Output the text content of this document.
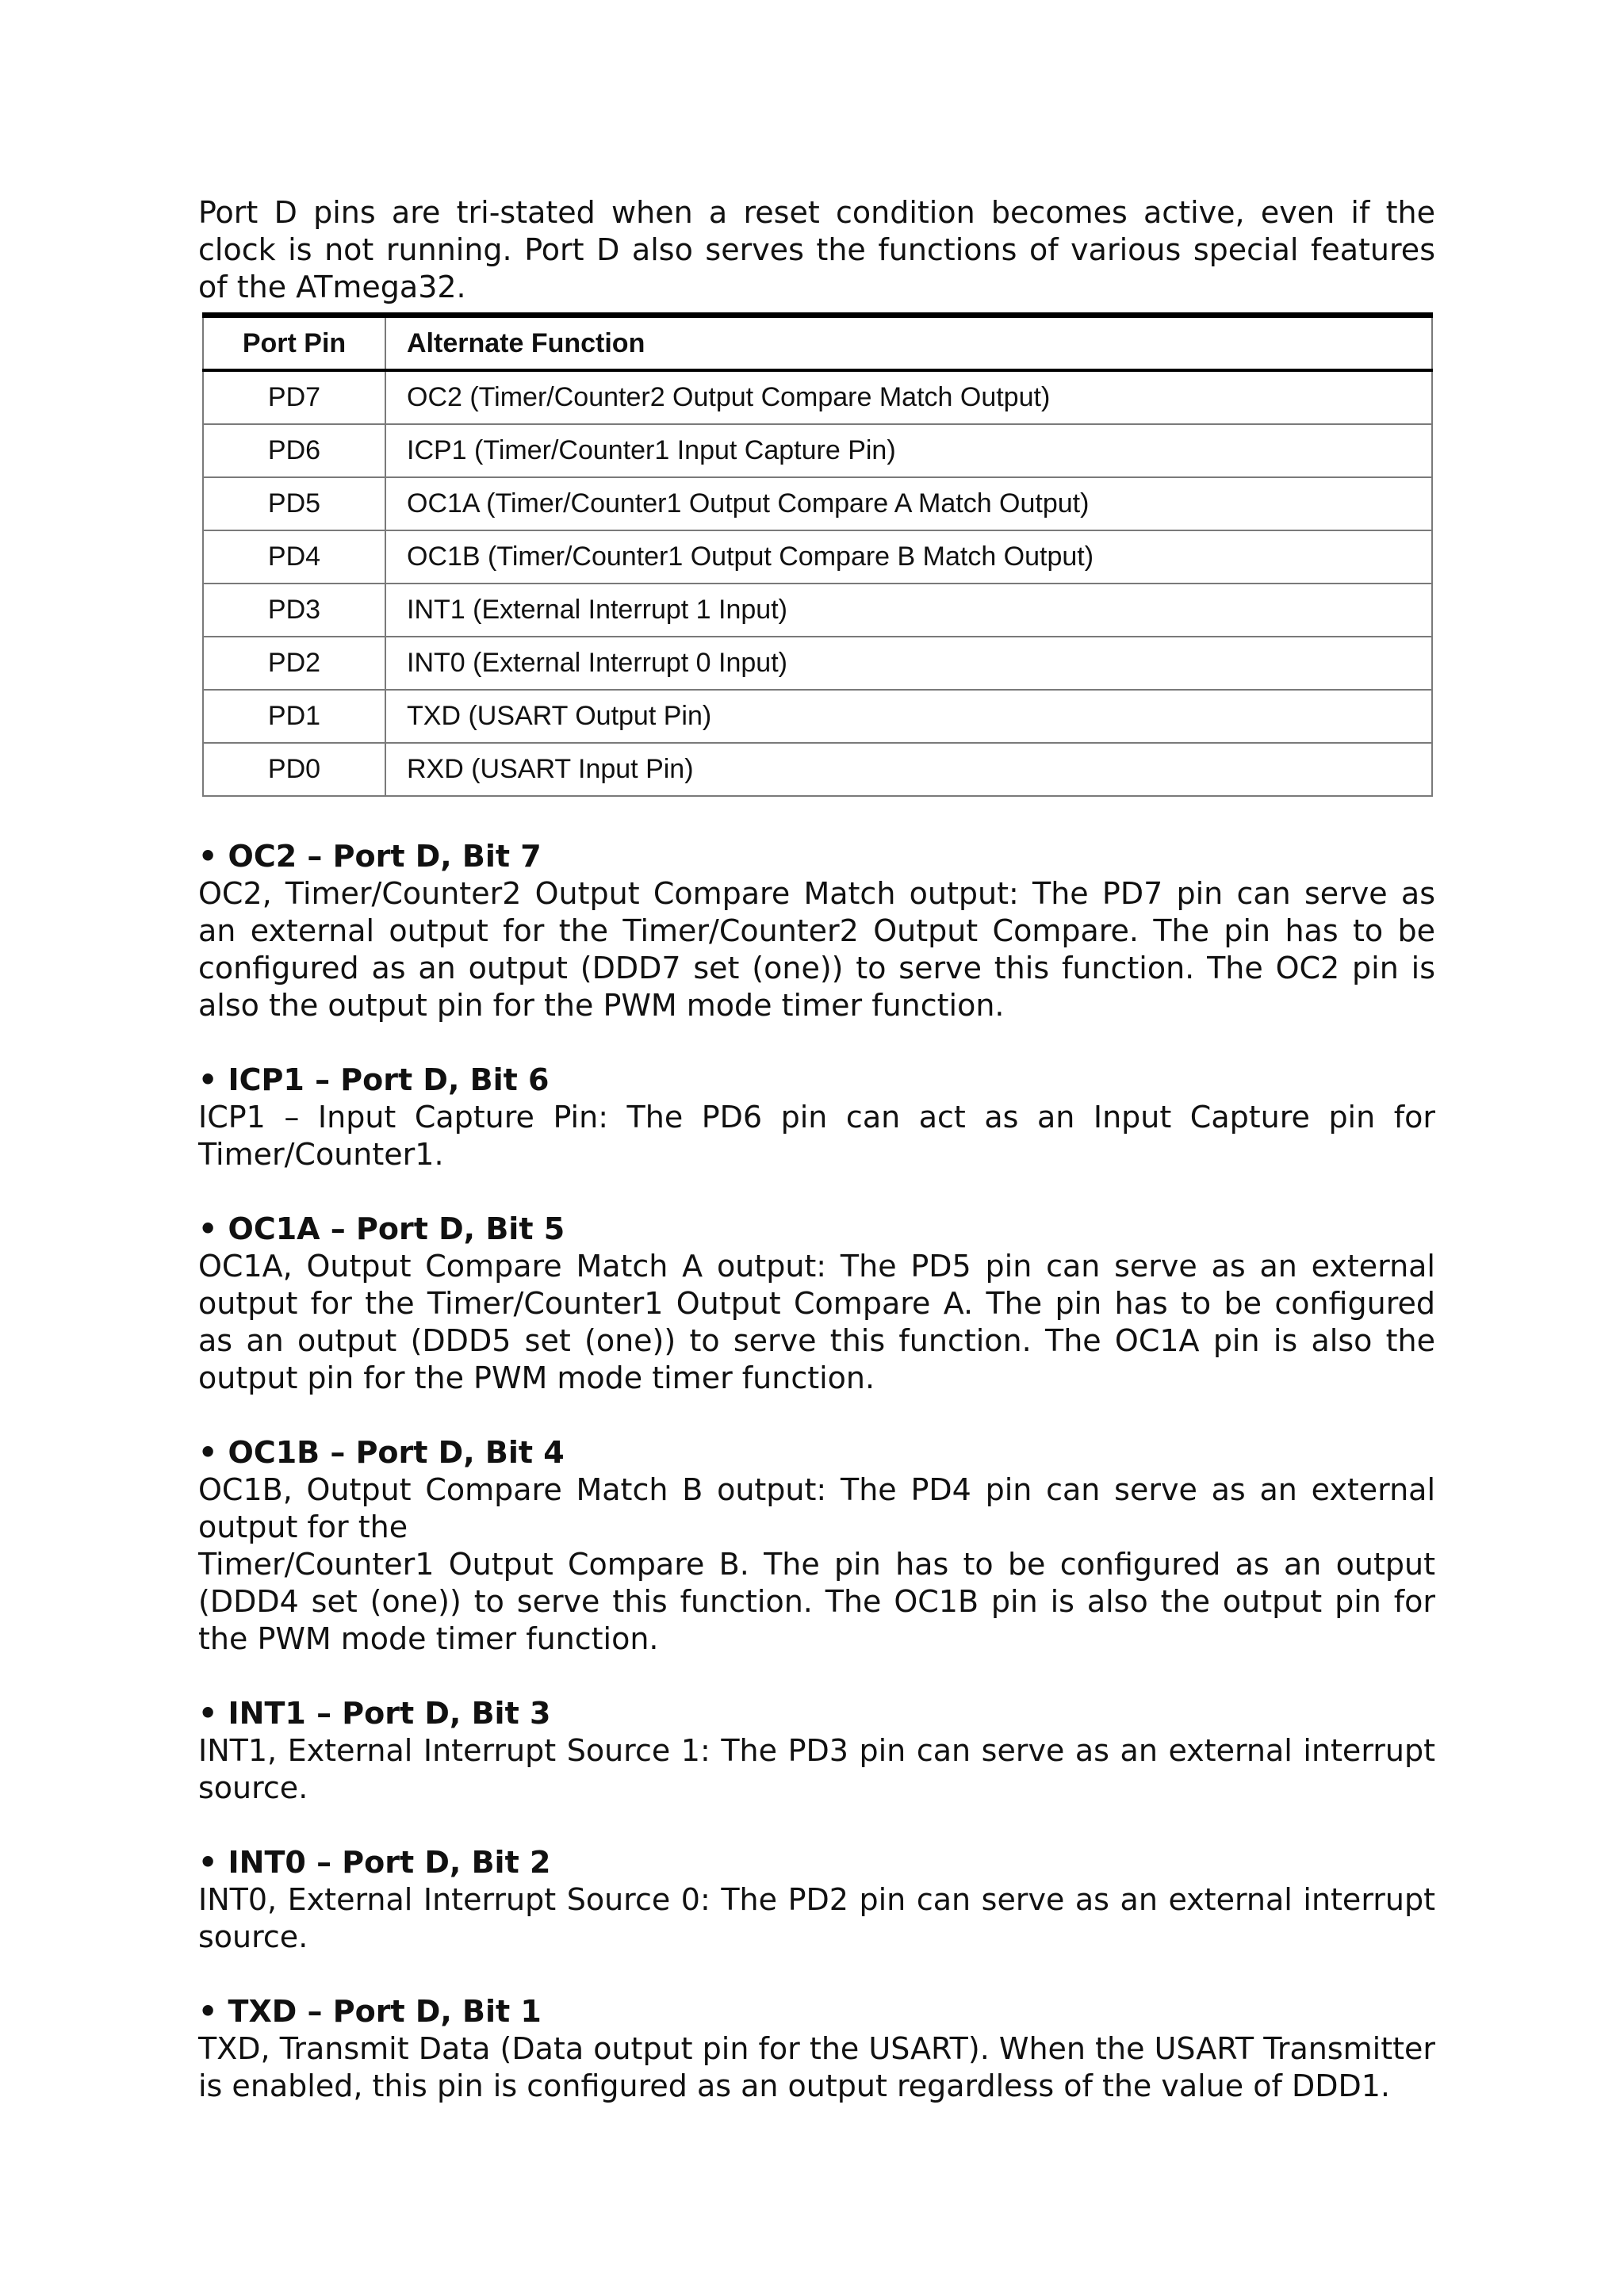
Port D pins are tri-stated when a reset condition becomes active, even if the clock is not running. Port D also serves the functions of various special features of the ATmega32.

Port Pin	Alternate Function
PD7	OC2 (Timer/Counter2 Output Compare Match Output)
PD6	ICP1 (Timer/Counter1 Input Capture Pin)
PD5	OC1A (Timer/Counter1 Output Compare A Match Output)
PD4	OC1B (Timer/Counter1 Output Compare B Match Output)
PD3	INT1 (External Interrupt 1 Input)
PD2	INT0 (External Interrupt 0 Input)
PD1	TXD (USART Output Pin)
PD0	RXD (USART Input Pin)

• OC2 – Port D, Bit 7

OC2, Timer/Counter2 Output Compare Match output: The PD7 pin can serve as an external output for the Timer/Counter2 Output Compare. The pin has to be configured as an output (DDD7 set (one)) to serve this function. The OC2 pin is also the output pin for the PWM mode timer function.

• ICP1 – Port D, Bit 6

ICP1 – Input Capture Pin: The PD6 pin can act as an Input Capture pin for Timer/Counter1.

• OC1A – Port D, Bit 5

OC1A, Output Compare Match A output: The PD5 pin can serve as an external output for the Timer/Counter1 Output Compare A. The pin has to be configured as an output (DDD5 set (one)) to serve this function. The OC1A pin is also the output pin for the PWM mode timer function.

• OC1B – Port D, Bit 4

OC1B, Output Compare Match B output: The PD4 pin can serve as an external output for the

Timer/Counter1 Output Compare B. The pin has to be configured as an output (DDD4 set (one)) to serve this function. The OC1B pin is also the output pin for the PWM mode timer function.

• INT1 – Port D, Bit 3

INT1, External Interrupt Source 1: The PD3 pin can serve as an external interrupt source.

• INT0 – Port D, Bit 2

INT0, External Interrupt Source 0: The PD2 pin can serve as an external interrupt source.

• TXD – Port D, Bit 1

TXD, Transmit Data (Data output pin for the USART). When the USART Transmitter is enabled, this pin is configured as an output regardless of the value of DDD1.
